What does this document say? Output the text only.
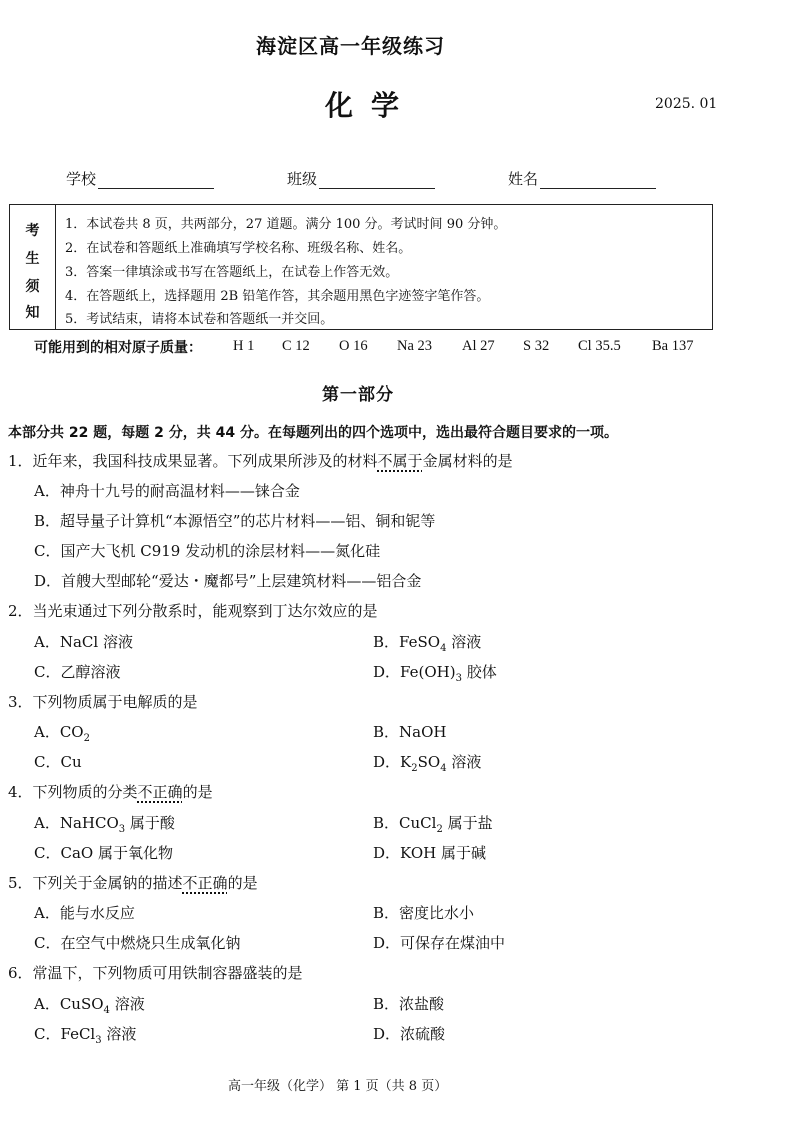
海淀区高一年级练习
化学	2025. 01
学校	班级	姓名
考
生
须
知
1．本试卷共 8 页，共两部分，27 道题。满分 100 分。考试时间 90 分钟。
2．在试卷和答题纸上准确填写学校名称、班级名称、姓名。
3．答案一律填涂或书写在答题纸上，在试卷上作答无效。
4．在答题纸上，选择题用 2B 铅笔作答，其余题用黑色字迹签字笔作答。
5．考试结束，请将本试卷和答题纸一并交回。
可能用到的相对原子质量： H 1 C 12 O 16 Na 23 Al 27 S 32 Cl 35.5 Ba 137
第一部分
本部分共 22 题，每题 2 分，共 44 分。在每题列出的四个选项中，选出最符合题目要求的一项。
1．近年来，我国科技成果显著。下列成果所涉及的材料不属于金属材料的是
A．神舟十九号的耐高温材料——铼合金
B．超导量子计算机“本源悟空”的芯片材料——铝、铜和铌等
C．国产大飞机 C919 发动机的涂层材料——氮化硅
D．首艘大型邮轮“爱达・魔都号”上层建筑材料——铝合金
2．当光束通过下列分散系时，能观察到丁达尔效应的是
A．NaCl 溶液	B．FeSO$_4$ 溶液
C．乙醇溶液	D．$Fe(OH)_3$ 胶体
3．下列物质属于电解质的是
A．$CO_2$	B．NaOH
C．Cu	D．$K_2SO_4$ 溶液
4．下列物质的分类不正确的是
A．NaHCO$_3$ 属于酸	B．CuCl$_2$ 属于盐
C．CaO 属于氧化物	D．KOH 属于碱
5．下列关于金属钠的描述不正确的是
A．能与水反应	B．密度比水小
C．在空气中燃烧只生成氧化钠	D．可保存在煤油中
6．常温下，下列物质可用铁制容器盛装的是
A．CuSO$_4$ 溶液	B．浓盐酸
C．FeCl$_3$ 溶液	D．浓硫酸
高一年级（化学） 第 1 页（共 8 页）
